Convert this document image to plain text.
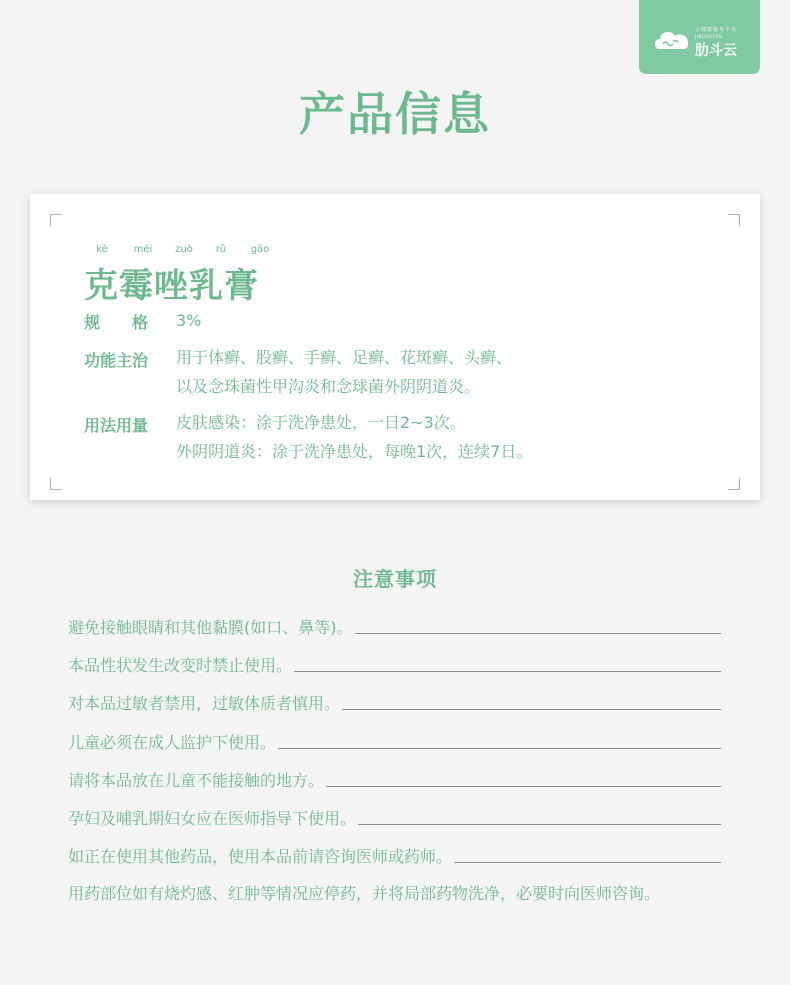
云健康服务平台
JINDOUYUN
肋斗云
产品信息
kè	méi	zuò	rǔ	gāo
克霉唑乳膏
规　　格 3%
功能主治 用于体癣、股癣、手癣、足癣、花斑癣、头癣、
以及念珠菌性甲沟炎和念球菌外阴阴道炎。
用法用量 皮肤感染：涂于洗净患处，一日2~3次。
外阴阴道炎：涂于洗净患处，每晚1次，连续7日。
注意事项
避免接触眼睛和其他黏膜(如口、鼻等)。
本品性状发生改变时禁止使用。
对本品过敏者禁用，过敏体质者慎用。
儿童必须在成人监护下使用。
请将本品放在儿童不能接触的地方。
孕妇及哺乳期妇女应在医师指导下使用。
如正在使用其他药品，使用本品前请咨询医师或药师。
用药部位如有烧灼感、红肿等情况应停药，并将局部药物洗净，必要时向医师咨询。
